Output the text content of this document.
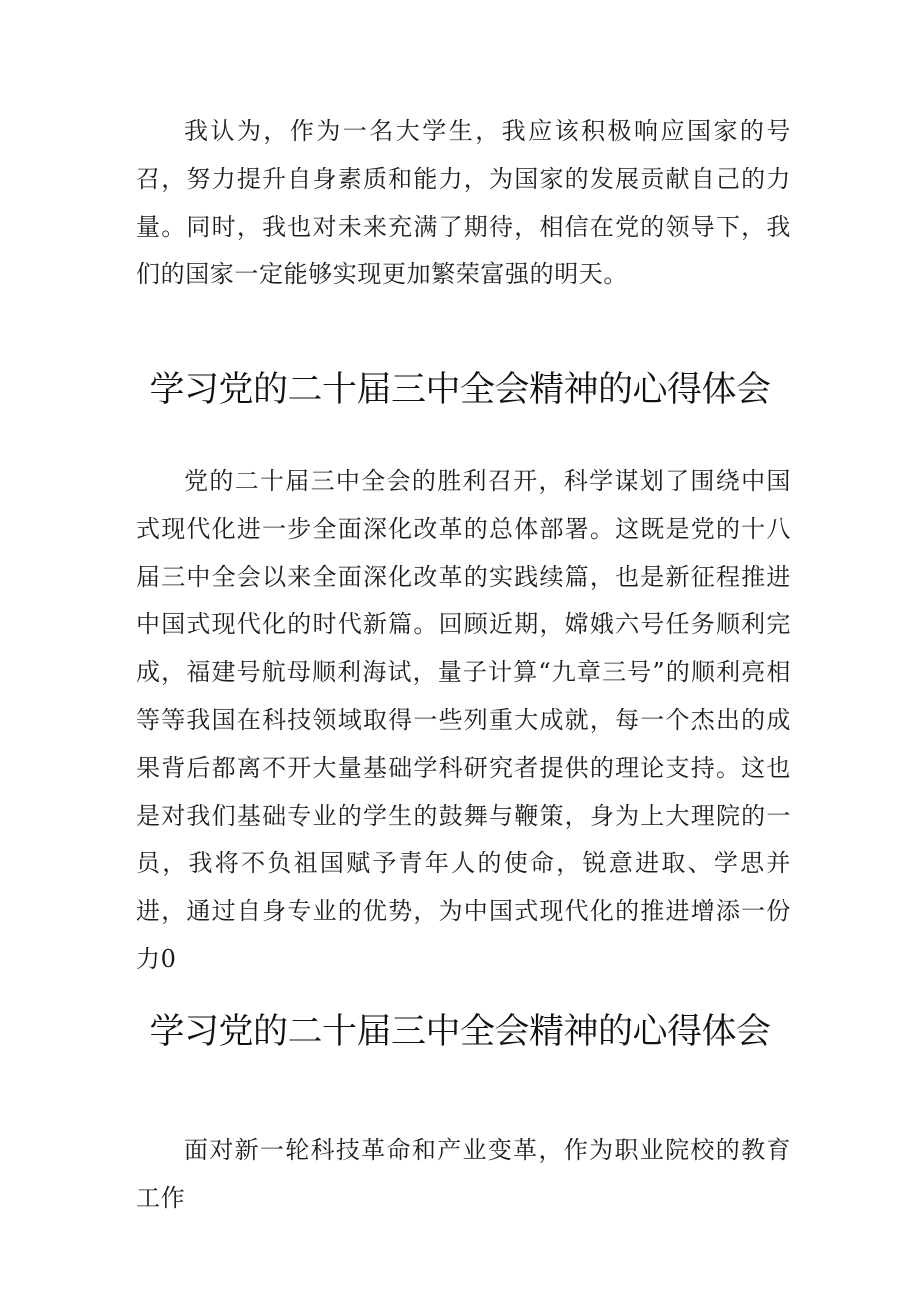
我认为，作为一名大学生，我应该积极响应国家的号召，努力提升自身素质和能力，为国家的发展贡献自己的力量。同时，我也对未来充满了期待，相信在党的领导下，我们的国家一定能够实现更加繁荣富强的明天。

学习党的二十届三中全会精神的心得体会

党的二十届三中全会的胜利召开，科学谋划了围绕中国式现代化进一步全面深化改革的总体部署。这既是党的十八届三中全会以来全面深化改革的实践续篇，也是新征程推进中国式现代化的时代新篇。回顾近期，嫦娥六号任务顺利完成，福建号航母顺利海试，量子计算“九章三号”的顺利亮相等等我国在科技领域取得一些列重大成就，每一个杰出的成果背后都离不开大量基础学科研究者提供的理论支持。这也是对我们基础专业的学生的鼓舞与鞭策，身为上大理院的一员，我将不负祖国赋予青年人的使命，锐意进取、学思并进，通过自身专业的优势，为中国式现代化的推进增添一份力0

学习党的二十届三中全会精神的心得体会

面对新一轮科技革命和产业变革，作为职业院校的教育工作
